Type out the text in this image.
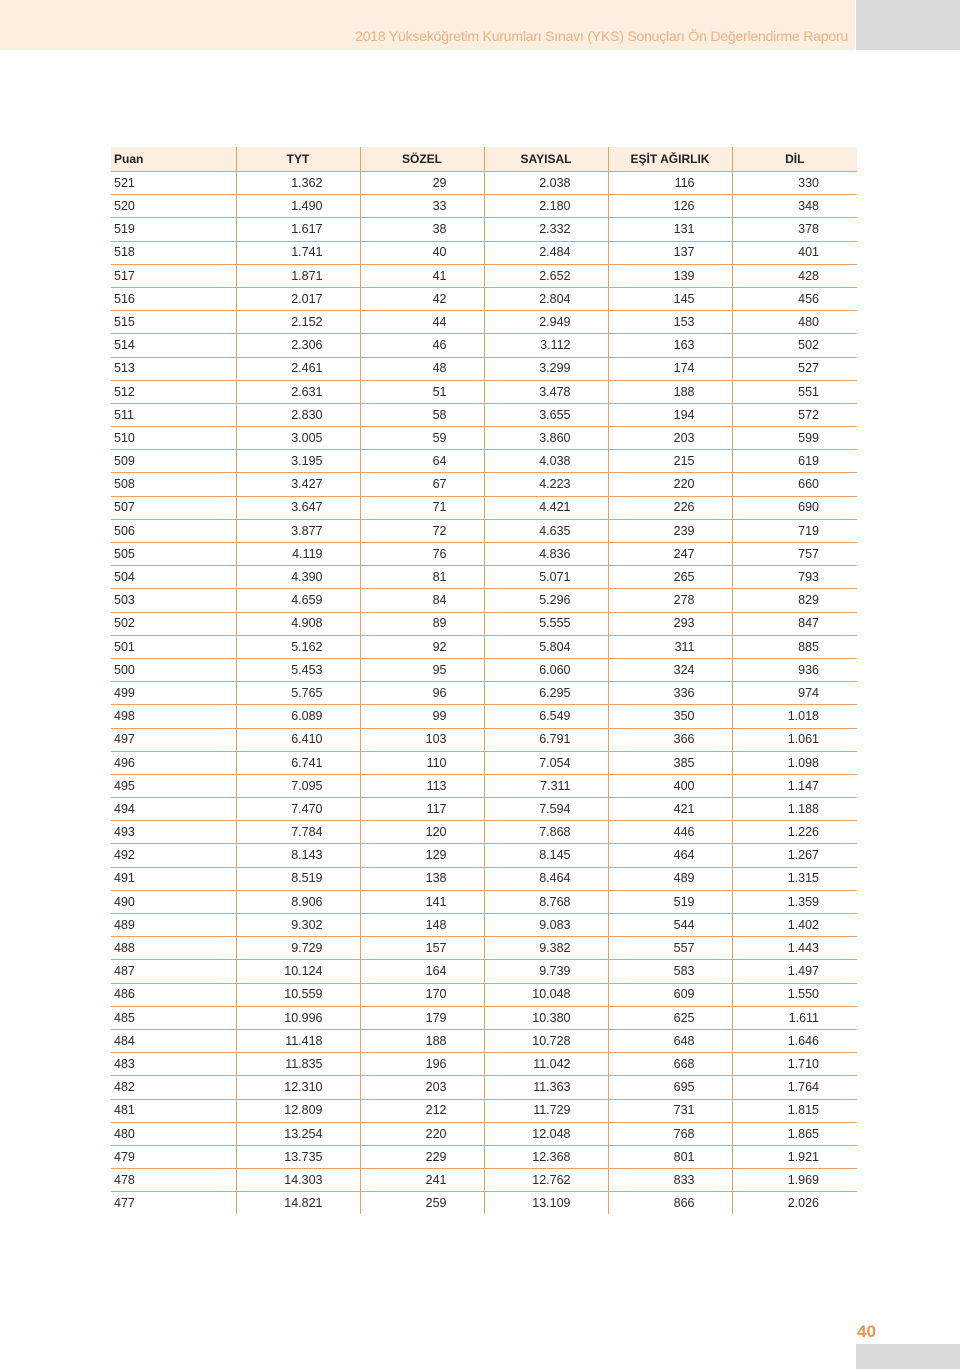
2018 Yükseköğretim Kurumları Sınavı (YKS) Sonuçları Ön Değerlendirme Raporu
Puan	TYT	SÖZEL	SAYISAL	EŞİT AĞIRLIK	DİL
521	1.362	29	2.038	116	330
520	1.490	33	2.180	126	348
519	1.617	38	2.332	131	378
518	1.741	40	2.484	137	401
517	1.871	41	2.652	139	428
516	2.017	42	2.804	145	456
515	2.152	44	2.949	153	480
514	2.306	46	3.112	163	502
513	2.461	48	3.299	174	527
512	2.631	51	3.478	188	551
511	2.830	58	3.655	194	572
510	3.005	59	3.860	203	599
509	3.195	64	4.038	215	619
508	3.427	67	4.223	220	660
507	3.647	71	4.421	226	690
506	3.877	72	4.635	239	719
505	4.119	76	4.836	247	757
504	4.390	81	5.071	265	793
503	4.659	84	5.296	278	829
502	4.908	89	5.555	293	847
501	5.162	92	5.804	311	885
500	5.453	95	6.060	324	936
499	5.765	96	6.295	336	974
498	6.089	99	6.549	350	1.018
497	6.410	103	6.791	366	1.061
496	6.741	110	7.054	385	1.098
495	7.095	113	7.311	400	1.147
494	7.470	117	7.594	421	1.188
493	7.784	120	7.868	446	1.226
492	8.143	129	8.145	464	1.267
491	8.519	138	8.464	489	1.315
490	8.906	141	8.768	519	1.359
489	9.302	148	9.083	544	1.402
488	9.729	157	9.382	557	1.443
487	10.124	164	9.739	583	1.497
486	10.559	170	10.048	609	1.550
485	10.996	179	10.380	625	1.611
484	11.418	188	10.728	648	1.646
483	11.835	196	11.042	668	1.710
482	12.310	203	11.363	695	1.764
481	12.809	212	11.729	731	1.815
480	13.254	220	12.048	768	1.865
479	13.735	229	12.368	801	1.921
478	14.303	241	12.762	833	1.969
477	14.821	259	13.109	866	2.026
40
